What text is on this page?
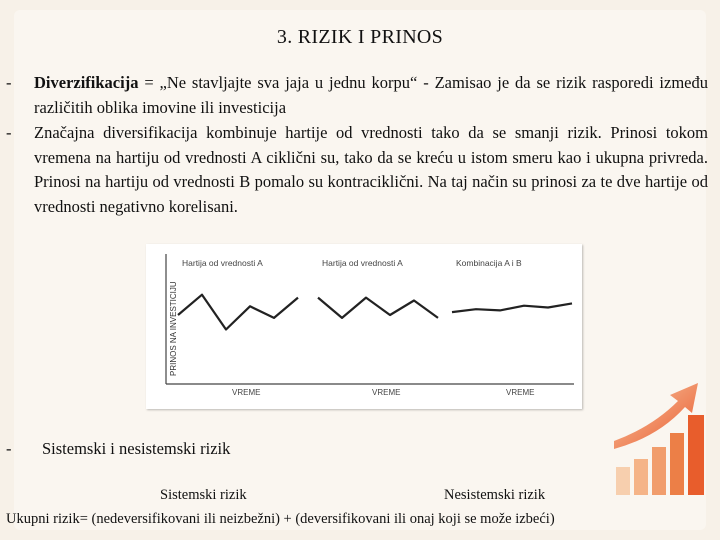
3. RIZIK I PRINOS
- Diverzifikacija = „Ne stavljajte sva jaja u jednu korpu“ - Zamisao je da se rizik rasporedi između različitih oblika imovine ili investicija
- Značajna diversifikacija kombinuje hartije od vrednosti tako da se smanji rizik. Prinosi tokom vremena na hartiju od vrednosti A ciklični su, tako da se kreću u istom smeru kao i ukupna privreda. Prinosi na hartiju od vrednosti B pomalo su kontraciklični. Na taj način su prinosi za te dve hartije od vrednosti negativno korelisani.
PRINOS NA INVESTICIJU
Hartija od vrednosti A
VREME
Hartija od vrednosti A
VREME
Kombinacija A i B
VREME
- Sistemski i nesistemski rizik
Sistemski rizik	Nesistemski rizik
Ukupni rizik= (nedeversifikovani ili neizbežni) + (deversifikovani ili onaj koji se može izbeći)
